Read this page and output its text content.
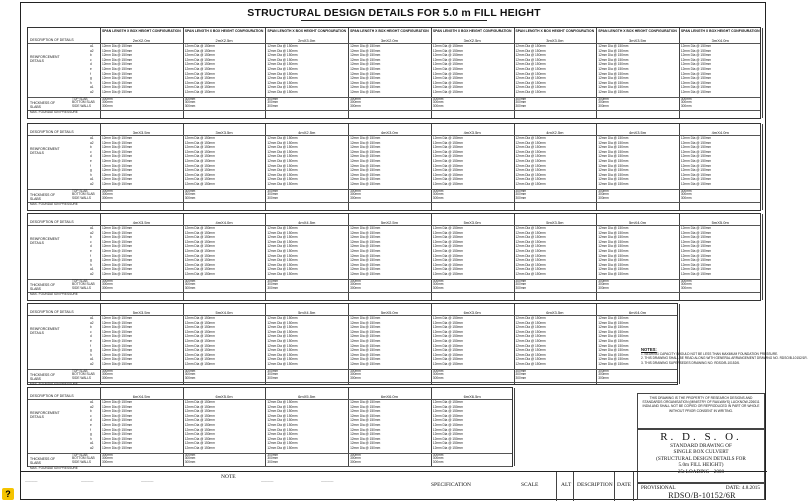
STRUCTURAL DESIGN DETAILS FOR 5.0 m FILL HEIGHT
SPAN LENGTH X BOX HEIGHT CONFIGURATION	SPAN LENGTH X BOX HEIGHT CONFIGURATION	SPAN LENGTH X BOX HEIGHT CONFIGURATION	SPAN LENGTH X BOX HEIGHT CONFIGURATION	SPAN LENGTH X BOX HEIGHT CONFIGURATION	SPAN LENGTH X BOX HEIGHT CONFIGURATION	SPAN LENGTH X BOX HEIGHT CONFIGURATION	SPAN LENGTH X BOX HEIGHT CONFIGURATION
DESCRIPTION OF DETAILS	2mX2.0m	2mX2.5m	2mX3.0m	3mX2.0m	3mX2.5m	3mX3.0m	3mX3.5m	3mX4.0m
REINFORCEMENT DETAILS
a1	12mm Dia @ 150mm	12mm Dia @ 150mm	12mm Dia @ 150mm	12mm Dia @ 150mm	12mm Dia @ 150mm	12mm Dia @ 150mm	12mm Dia @ 150mm	12mm Dia @ 150mm
a2	12mm Dia @ 150mm	12mm Dia @ 150mm	12mm Dia @ 150mm	12mm Dia @ 150mm	12mm Dia @ 150mm	12mm Dia @ 150mm	12mm Dia @ 150mm	12mm Dia @ 150mm
b	12mm Dia @ 150mm	12mm Dia @ 150mm	12mm Dia @ 150mm	12mm Dia @ 150mm	12mm Dia @ 150mm	12mm Dia @ 150mm	12mm Dia @ 150mm	12mm Dia @ 150mm
c	12mm Dia @ 150mm	12mm Dia @ 150mm	12mm Dia @ 150mm	12mm Dia @ 150mm	12mm Dia @ 150mm	12mm Dia @ 150mm	12mm Dia @ 150mm	12mm Dia @ 150mm
d	12mm Dia @ 150mm	12mm Dia @ 150mm	12mm Dia @ 150mm	12mm Dia @ 150mm	12mm Dia @ 150mm	12mm Dia @ 150mm	12mm Dia @ 150mm	12mm Dia @ 150mm
e	12mm Dia @ 150mm	12mm Dia @ 150mm	12mm Dia @ 150mm	12mm Dia @ 150mm	12mm Dia @ 150mm	12mm Dia @ 150mm	12mm Dia @ 150mm	12mm Dia @ 150mm
f	12mm Dia @ 150mm	12mm Dia @ 150mm	12mm Dia @ 150mm	12mm Dia @ 150mm	12mm Dia @ 150mm	12mm Dia @ 150mm	12mm Dia @ 150mm	12mm Dia @ 150mm
g	12mm Dia @ 150mm	12mm Dia @ 150mm	12mm Dia @ 150mm	12mm Dia @ 150mm	12mm Dia @ 150mm	12mm Dia @ 150mm	12mm Dia @ 150mm	12mm Dia @ 150mm
h	12mm Dia @ 150mm	12mm Dia @ 150mm	12mm Dia @ 150mm	12mm Dia @ 150mm	12mm Dia @ 150mm	12mm Dia @ 150mm	12mm Dia @ 150mm	12mm Dia @ 150mm
a1	12mm Dia @ 150mm	12mm Dia @ 150mm	12mm Dia @ 150mm	12mm Dia @ 150mm	12mm Dia @ 150mm	12mm Dia @ 150mm	12mm Dia @ 150mm	12mm Dia @ 150mm
a2	12mm Dia @ 150mm	12mm Dia @ 150mm	12mm Dia @ 150mm	12mm Dia @ 150mm	12mm Dia @ 150mm	12mm Dia @ 150mm	12mm Dia @ 150mm	12mm Dia @ 150mm
THICKNESS OF SLABS
TOP SLAB	300mm	300mm	300mm	300mm	300mm	300mm	300mm	300mm
BOTTOM SLAB 300mm	300mm	300mm	300mm	300mm	300mm	300mm	300mm
SIDE WALLS	300mm	300mm	300mm	300mm	300mm	300mm	300mm	300mm
MAX. FOUNDATION PRESSURE
DESCRIPTION OF DETAILS	3mX3.5m	3mX3.5m	4mX2.5m	4mX3.0m	4mX3.5m	4mX2.5m	4mX3.5m	4mX4.0m
REINFORCEMENT DETAILS
a1	12mm Dia @ 150mm	12mm Dia @ 150mm	12mm Dia @ 150mm	12mm Dia @ 150mm	12mm Dia @ 150mm	12mm Dia @ 150mm	12mm Dia @ 150mm	12mm Dia @ 150mm
a2	12mm Dia @ 150mm	12mm Dia @ 150mm	12mm Dia @ 150mm	12mm Dia @ 150mm	12mm Dia @ 150mm	12mm Dia @ 150mm	12mm Dia @ 150mm	12mm Dia @ 150mm
b	12mm Dia @ 150mm	12mm Dia @ 150mm	12mm Dia @ 150mm	12mm Dia @ 150mm	12mm Dia @ 150mm	12mm Dia @ 150mm	12mm Dia @ 150mm	12mm Dia @ 150mm
c	12mm Dia @ 150mm	12mm Dia @ 150mm	12mm Dia @ 150mm	12mm Dia @ 150mm	12mm Dia @ 150mm	12mm Dia @ 150mm	12mm Dia @ 150mm	12mm Dia @ 150mm
d	12mm Dia @ 150mm	12mm Dia @ 150mm	12mm Dia @ 150mm	12mm Dia @ 150mm	12mm Dia @ 150mm	12mm Dia @ 150mm	12mm Dia @ 150mm	12mm Dia @ 150mm
e	12mm Dia @ 150mm	12mm Dia @ 150mm	12mm Dia @ 150mm	12mm Dia @ 150mm	12mm Dia @ 150mm	12mm Dia @ 150mm	12mm Dia @ 150mm	12mm Dia @ 150mm
f	12mm Dia @ 150mm	12mm Dia @ 150mm	12mm Dia @ 150mm	12mm Dia @ 150mm	12mm Dia @ 150mm	12mm Dia @ 150mm	12mm Dia @ 150mm	12mm Dia @ 150mm
g	12mm Dia @ 150mm	12mm Dia @ 150mm	12mm Dia @ 150mm	12mm Dia @ 150mm	12mm Dia @ 150mm	12mm Dia @ 150mm	12mm Dia @ 150mm	12mm Dia @ 150mm
h	12mm Dia @ 150mm	12mm Dia @ 150mm	12mm Dia @ 150mm	12mm Dia @ 150mm	12mm Dia @ 150mm	12mm Dia @ 150mm	12mm Dia @ 150mm	12mm Dia @ 150mm
a1	12mm Dia @ 150mm	12mm Dia @ 150mm	12mm Dia @ 150mm	12mm Dia @ 150mm	12mm Dia @ 150mm	12mm Dia @ 150mm	12mm Dia @ 150mm	12mm Dia @ 150mm
a2	12mm Dia @ 150mm	12mm Dia @ 150mm	12mm Dia @ 150mm	12mm Dia @ 150mm	12mm Dia @ 150mm	12mm Dia @ 150mm	12mm Dia @ 150mm	12mm Dia @ 150mm
THICKNESS OF SLABS
TOP SLAB	300mm	300mm	300mm	300mm	300mm	300mm	300mm	300mm
BOTTOM SLAB 300mm	300mm	300mm	300mm	300mm	300mm	300mm	300mm
SIDE WALLS	300mm	300mm	300mm	300mm	300mm	300mm	300mm	300mm
MAX. FOUNDATION PRESSURE
DESCRIPTION OF DETAILS	4mX3.5m	4mX4.0m	4mX4.5m	5mX2.5m	5mX3.0m	5mX3.5m	5mX4.0m	5mX5.0m
REINFORCEMENT DETAILS
a1	12mm Dia @ 150mm	12mm Dia @ 150mm	12mm Dia @ 150mm	12mm Dia @ 150mm	12mm Dia @ 150mm	12mm Dia @ 150mm	12mm Dia @ 150mm	12mm Dia @ 150mm
a2	12mm Dia @ 150mm	12mm Dia @ 150mm	12mm Dia @ 150mm	12mm Dia @ 150mm	12mm Dia @ 150mm	12mm Dia @ 150mm	12mm Dia @ 150mm	12mm Dia @ 150mm
b	12mm Dia @ 150mm	12mm Dia @ 150mm	12mm Dia @ 150mm	12mm Dia @ 150mm	12mm Dia @ 150mm	12mm Dia @ 150mm	12mm Dia @ 150mm	12mm Dia @ 150mm
c	12mm Dia @ 150mm	12mm Dia @ 150mm	12mm Dia @ 150mm	12mm Dia @ 150mm	12mm Dia @ 150mm	12mm Dia @ 150mm	12mm Dia @ 150mm	12mm Dia @ 150mm
d	12mm Dia @ 150mm	12mm Dia @ 150mm	12mm Dia @ 150mm	12mm Dia @ 150mm	12mm Dia @ 150mm	12mm Dia @ 150mm	12mm Dia @ 150mm	12mm Dia @ 150mm
e	12mm Dia @ 150mm	12mm Dia @ 150mm	12mm Dia @ 150mm	12mm Dia @ 150mm	12mm Dia @ 150mm	12mm Dia @ 150mm	12mm Dia @ 150mm	12mm Dia @ 150mm
f	12mm Dia @ 150mm	12mm Dia @ 150mm	12mm Dia @ 150mm	12mm Dia @ 150mm	12mm Dia @ 150mm	12mm Dia @ 150mm	12mm Dia @ 150mm	12mm Dia @ 150mm
g	12mm Dia @ 150mm	12mm Dia @ 150mm	12mm Dia @ 150mm	12mm Dia @ 150mm	12mm Dia @ 150mm	12mm Dia @ 150mm	12mm Dia @ 150mm	12mm Dia @ 150mm
h	12mm Dia @ 150mm	12mm Dia @ 150mm	12mm Dia @ 150mm	12mm Dia @ 150mm	12mm Dia @ 150mm	12mm Dia @ 150mm	12mm Dia @ 150mm	12mm Dia @ 150mm
a1	12mm Dia @ 150mm	12mm Dia @ 150mm	12mm Dia @ 150mm	12mm Dia @ 150mm	12mm Dia @ 150mm	12mm Dia @ 150mm	12mm Dia @ 150mm	12mm Dia @ 150mm
a2	12mm Dia @ 150mm	12mm Dia @ 150mm	12mm Dia @ 150mm	12mm Dia @ 150mm	12mm Dia @ 150mm	12mm Dia @ 150mm	12mm Dia @ 150mm	12mm Dia @ 150mm
THICKNESS OF SLABS
TOP SLAB	300mm	300mm	300mm	300mm	300mm	300mm	300mm	300mm
BOTTOM SLAB 300mm	300mm	300mm	300mm	300mm	300mm	300mm	300mm
SIDE WALLS	300mm	300mm	300mm	300mm	300mm	300mm	300mm	300mm
MAX. FOUNDATION PRESSURE
DESCRIPTION OF DETAILS	5mX3.5m	5mX4.0m	5mX4.5m	5mX5.0m	6mX3.0m	6mX3.5m	6mX4.0m
REINFORCEMENT DETAILS
a1	12mm Dia @ 150mm	12mm Dia @ 150mm	12mm Dia @ 150mm	12mm Dia @ 150mm	12mm Dia @ 150mm	12mm Dia @ 150mm	12mm Dia @ 150mm
a2	12mm Dia @ 150mm	12mm Dia @ 150mm	12mm Dia @ 150mm	12mm Dia @ 150mm	12mm Dia @ 150mm	12mm Dia @ 150mm	12mm Dia @ 150mm
b	12mm Dia @ 150mm	12mm Dia @ 150mm	12mm Dia @ 150mm	12mm Dia @ 150mm	12mm Dia @ 150mm	12mm Dia @ 150mm	12mm Dia @ 150mm
c	12mm Dia @ 150mm	12mm Dia @ 150mm	12mm Dia @ 150mm	12mm Dia @ 150mm	12mm Dia @ 150mm	12mm Dia @ 150mm	12mm Dia @ 150mm
d	12mm Dia @ 150mm	12mm Dia @ 150mm	12mm Dia @ 150mm	12mm Dia @ 150mm	12mm Dia @ 150mm	12mm Dia @ 150mm	12mm Dia @ 150mm
e	12mm Dia @ 150mm	12mm Dia @ 150mm	12mm Dia @ 150mm	12mm Dia @ 150mm	12mm Dia @ 150mm	12mm Dia @ 150mm	12mm Dia @ 150mm
f	12mm Dia @ 150mm	12mm Dia @ 150mm	12mm Dia @ 150mm	12mm Dia @ 150mm	12mm Dia @ 150mm	12mm Dia @ 150mm	12mm Dia @ 150mm
g	12mm Dia @ 150mm	12mm Dia @ 150mm	12mm Dia @ 150mm	12mm Dia @ 150mm	12mm Dia @ 150mm	12mm Dia @ 150mm	12mm Dia @ 150mm
h	12mm Dia @ 150mm	12mm Dia @ 150mm	12mm Dia @ 150mm	12mm Dia @ 150mm	12mm Dia @ 150mm	12mm Dia @ 150mm	12mm Dia @ 150mm
a1	12mm Dia @ 150mm	12mm Dia @ 150mm	12mm Dia @ 150mm	12mm Dia @ 150mm	12mm Dia @ 150mm	12mm Dia @ 150mm	12mm Dia @ 150mm
a2	12mm Dia @ 150mm	12mm Dia @ 150mm	12mm Dia @ 150mm	12mm Dia @ 150mm	12mm Dia @ 150mm	12mm Dia @ 150mm	12mm Dia @ 150mm
THICKNESS OF SLABS
TOP SLAB	300mm	300mm	300mm	300mm	300mm	300mm	300mm
BOTTOM SLAB 300mm	300mm	300mm	300mm	300mm	300mm	300mm
SIDE WALLS	300mm	300mm	300mm	300mm	300mm	300mm	300mm
MAX. FOUNDATION PRESSURE
DESCRIPTION OF DETAILS	6mX4.5m	6mX5.0m	6mX5.5m	6mX6.0m	6mX6.5m
REINFORCEMENT DETAILS
a1	12mm Dia @ 150mm	12mm Dia @ 150mm	12mm Dia @ 150mm	12mm Dia @ 150mm	12mm Dia @ 150mm
a2	12mm Dia @ 150mm	12mm Dia @ 150mm	12mm Dia @ 150mm	12mm Dia @ 150mm	12mm Dia @ 150mm
b	12mm Dia @ 150mm	12mm Dia @ 150mm	12mm Dia @ 150mm	12mm Dia @ 150mm	12mm Dia @ 150mm
c	12mm Dia @ 150mm	12mm Dia @ 150mm	12mm Dia @ 150mm	12mm Dia @ 150mm	12mm Dia @ 150mm
d	12mm Dia @ 150mm	12mm Dia @ 150mm	12mm Dia @ 150mm	12mm Dia @ 150mm	12mm Dia @ 150mm
e	12mm Dia @ 150mm	12mm Dia @ 150mm	12mm Dia @ 150mm	12mm Dia @ 150mm	12mm Dia @ 150mm
f	12mm Dia @ 150mm	12mm Dia @ 150mm	12mm Dia @ 150mm	12mm Dia @ 150mm	12mm Dia @ 150mm
g	12mm Dia @ 150mm	12mm Dia @ 150mm	12mm Dia @ 150mm	12mm Dia @ 150mm	12mm Dia @ 150mm
h	12mm Dia @ 150mm	12mm Dia @ 150mm	12mm Dia @ 150mm	12mm Dia @ 150mm	12mm Dia @ 150mm
a1	12mm Dia @ 150mm	12mm Dia @ 150mm	12mm Dia @ 150mm	12mm Dia @ 150mm	12mm Dia @ 150mm
a2	12mm Dia @ 150mm	12mm Dia @ 150mm	12mm Dia @ 150mm	12mm Dia @ 150mm	12mm Dia @ 150mm
THICKNESS OF SLABS
TOP SLAB	300mm	300mm	300mm	300mm	300mm
BOTTOM SLAB 300mm	300mm	300mm	300mm	300mm
SIDE WALLS	300mm	300mm	300mm	300mm	300mm
MAX. FOUNDATION PRESSURE
NOTES:
1. BEARING CAPACITY SHOULD NOT BE LESS THAN MAXIMUM FOUNDATION PRESSURE.
2. THIS DRAWING SHALL BE READ ALONG WITH GENERAL ARRANGEMENT DRAWING NO. RDSO/B-10152/1R.
3. THIS DRAWING SUPERSEDES DRAWING NO. RDSO/B-10152/6.
THIS DRAWING IS THE PROPERTY OF RESEARCH DESIGNS AND STANDARDS ORGANISATION (MINISTRY OF RAILWAYS) LUCKNOW-226011 INDIA AND SHALL NOT BE COPIED OR REPRODUCED IN PART OR WHOLE WITHOUT PRIOR CONSENT IN WRITING.
R. D. S. O.
STANDARD DRAWING OF
SINGLE BOX CULVERT
(STRUCTURAL DESIGN DETAILS FOR
5.0m FILL HEIGHT)
25t LOADING - 2008
NOTE
SPECIFICATION	SCALE	ALT DESCRIPTION DATE
________	________	________	________	________
PROVISIONAL	DATE: 4.8.2015
RDSO/B-10152/6R
?
